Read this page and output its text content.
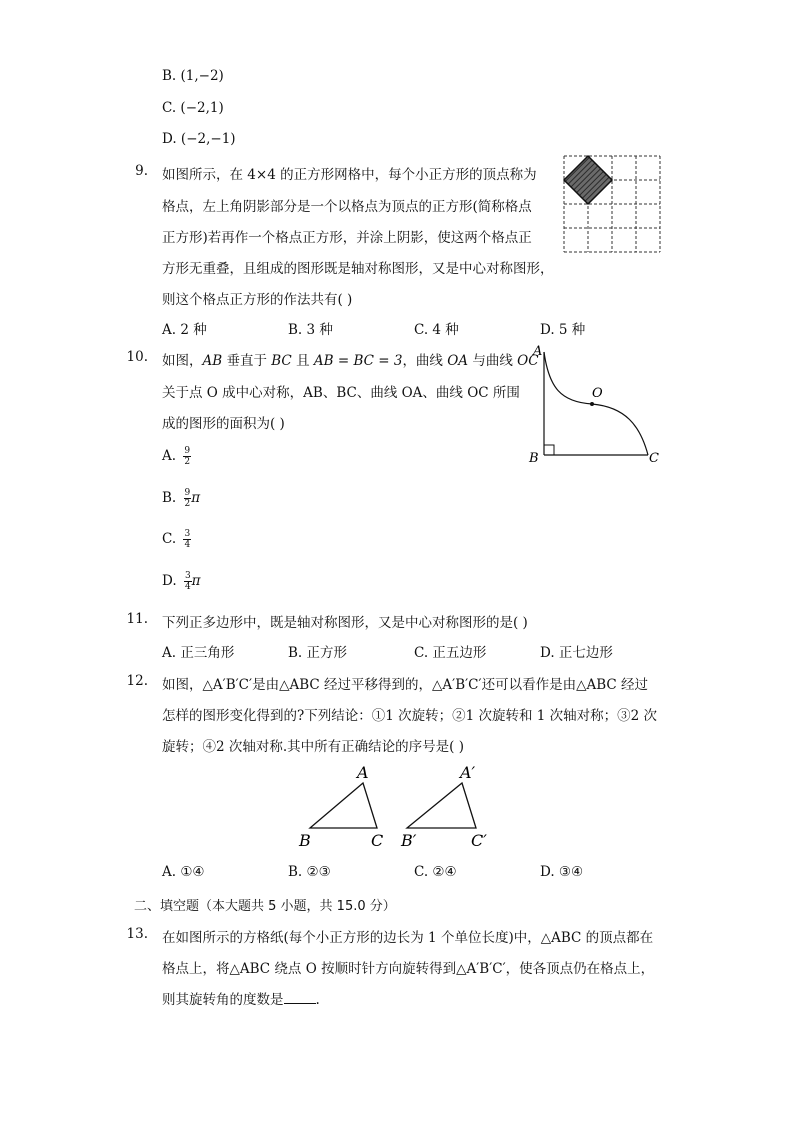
B. (1,−2)
C. (−2,1)
D. (−2,−1)
9. 如图所示，在 4×4 的正方形网格中，每个小正方形的顶点称为
格点，左上角阴影部分是一个以格点为顶点的正方形(简称格点
正方形)若再作一个格点正方形，并涂上阴影，使这两个格点正
方形无重叠，且组成的图形既是轴对称图形，又是中心对称图形，
则这个格点正方形的作法共有( )
A. 2 种	B. 3 种	C. 4 种	D. 5 种
10. 如图，AB 垂直于 BC 且 AB = BC = 3，曲线 OA 与曲线 OC
关于点 O 成中心对称，AB、BC、曲线 OA、曲线 OC 所围
成的图形的面积为( )
A. $\frac{9}{2}$
B. $\frac{9}{2}$ π
C. $\frac{3}{4}$
D. $\frac{3}{4}$ π
A
B	C
O
11. 下列正多边形中，既是轴对称图形，又是中心对称图形的是( )
A. 正三角形	B. 正方形	C. 正五边形	D. 正七边形
12. 如图，△A′B′C′是由△ABC 经过平移得到的，△A′B′C′还可以看作是由△ABC 经过
怎样的图形变化得到的?下列结论：①1 次旋转；②1 次旋转和 1 次轴对称；③2 次
旋转；④2 次轴对称.其中所有正确结论的序号是( )
A
B	C
A′
B′	C′
A. ①④	B. ②③	C. ②④	D. ③④
二、填空题（本大题共 5 小题，共 15.0 分）
13. 在如图所示的方格纸(每个小正方形的边长为 1 个单位长度)中，△ABC 的顶点都在
格点上，将△ABC 绕点 O 按顺时针方向旋转得到△A′B′C′，使各顶点仍在格点上，
则其旋转角的度数是 .
